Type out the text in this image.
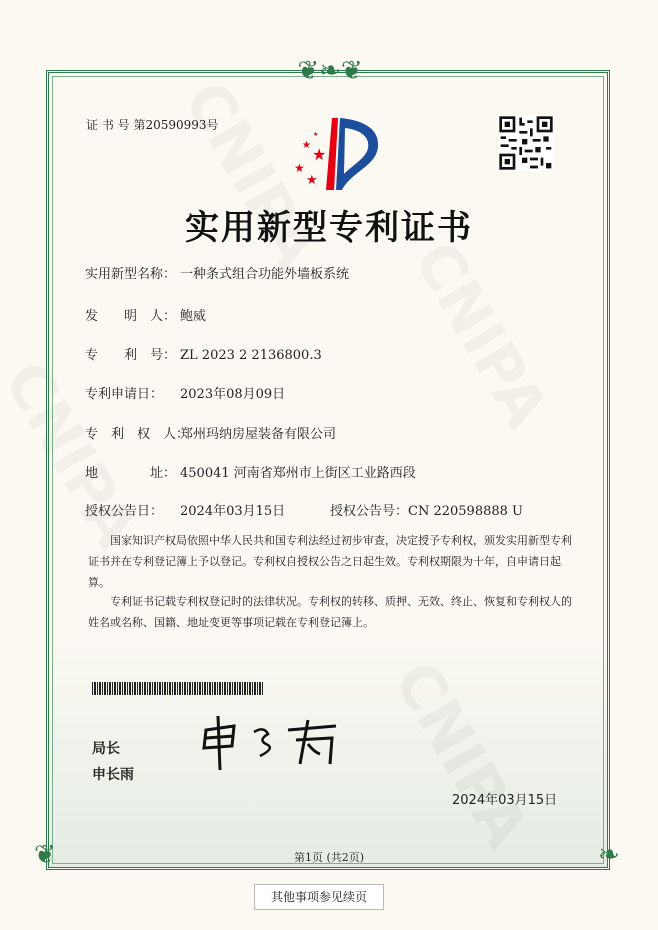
❦❧❦
❦	❧
证 书 号 第20590993号
★
★
★
★
★
实用新型专利证书
实用新型名称： 一种条式组合功能外墙板系统
发　　明　人： 鲍威
专　　利　号： ZL 2023 2 2136800.3
专利申请日： 2023年08月09日
专　利　权　人：郑州玛纳房屋装备有限公司
地　　　　址： 450041 河南省郑州市上街区工业路西段
授权公告日： 2024年03月15日	授权公告号：CN 220598888 U
国家知识产权局依照中华人民共和国专利法经过初步审查，决定授予专利权，颁发实用新型专利证书并在专利登记簿上予以登记。专利权自授权公告之日起生效。专利权期限为十年，自申请日起算。
专利证书记载专利权登记时的法律状况。专利权的转移、质押、无效、终止、恢复和专利权人的姓名或名称、国籍、地址变更等事项记载在专利登记簿上。
局长
申长雨
2024年03月15日
第1页 (共2页)
其他事项参见续页
